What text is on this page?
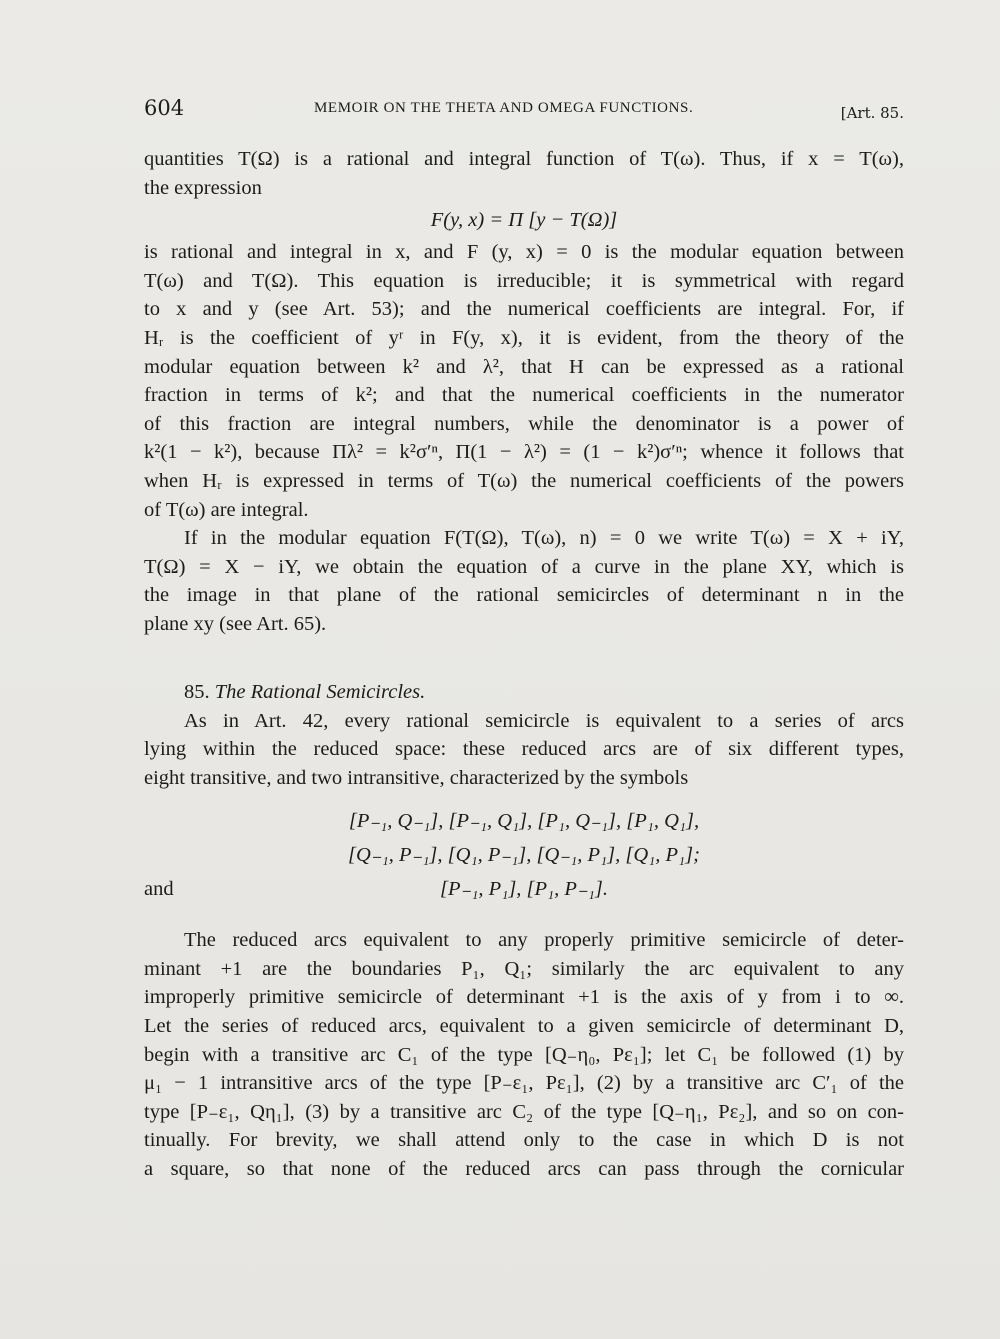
604	MEMOIR ON THE THETA AND OMEGA FUNCTIONS.	[Art. 85.
quantities T(Ω) is a rational and integral function of T(ω). Thus, if x = T(ω),
the expression
F(y, x) = Π [y − T(Ω)]
is rational and integral in x, and F (y, x) = 0 is the modular equation between
T(ω) and T(Ω). This equation is irreducible; it is symmetrical with regard
to x and y (see Art. 53); and the numerical coefficients are integral. For, if
Hᵣ is the coefficient of yʳ in F(y, x), it is evident, from the theory of the
modular equation between k² and λ², that H can be expressed as a rational
fraction in terms of k²; and that the numerical coefficients in the numerator
of this fraction are integral numbers, while the denominator is a power of
k²(1 − k²), because Πλ² = k²σ′ⁿ, Π(1 − λ²) = (1 − k²)σ′ⁿ; whence it follows that
when Hᵣ is expressed in terms of T(ω) the numerical coefficients of the powers
of T(ω) are integral.
If in the modular equation F(T(Ω), T(ω), n) = 0 we write T(ω) = X + iY,
T(Ω) = X − iY, we obtain the equation of a curve in the plane XY, which is
the image in that plane of the rational semicircles of determinant n in the
plane xy (see Art. 65).
85. The Rational Semicircles.
As in Art. 42, every rational semicircle is equivalent to a series of arcs
lying within the reduced space: these reduced arcs are of six different types,
eight transitive, and two intransitive, characterized by the symbols
[P₋₁, Q₋₁], [P₋₁, Q₁], [P₁, Q₋₁], [P₁, Q₁],
[Q₋₁, P₋₁], [Q₁, P₋₁], [Q₋₁, P₁], [Q₁, P₁];
and	[P₋₁, P₁], [P₁, P₋₁].
The reduced arcs equivalent to any properly primitive semicircle of deter-
minant +1 are the boundaries P₁, Q₁; similarly the arc equivalent to any
improperly primitive semicircle of determinant +1 is the axis of y from i to ∞.
Let the series of reduced arcs, equivalent to a given semicircle of determinant D,
begin with a transitive arc C₁ of the type [Q₋η₀, Pε₁]; let C₁ be followed (1) by
μ₁ − 1 intransitive arcs of the type [P₋ε₁, Pε₁], (2) by a transitive arc C′₁ of the
type [P₋ε₁, Qη₁], (3) by a transitive arc C₂ of the type [Q₋η₁, Pε₂], and so on con-
tinually. For brevity, we shall attend only to the case in which D is not
a square, so that none of the reduced arcs can pass through the cornicular
